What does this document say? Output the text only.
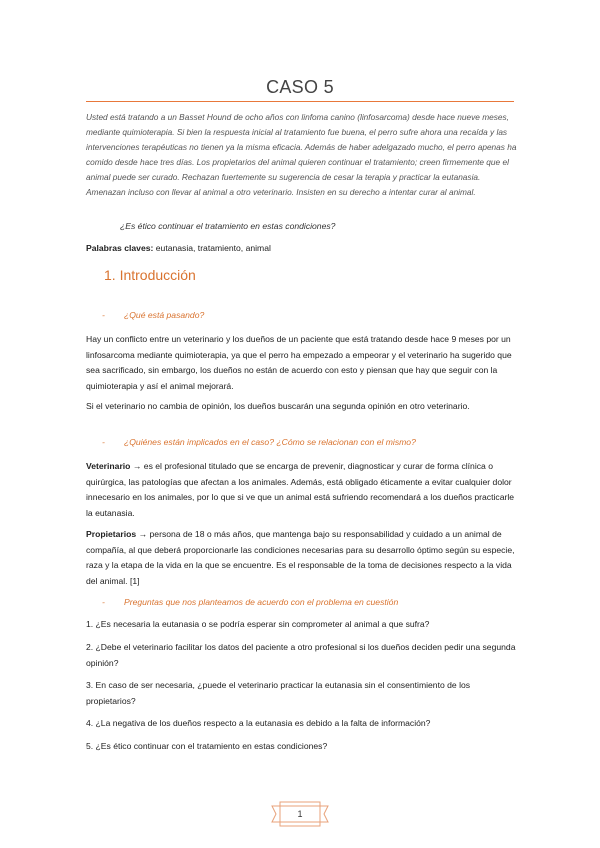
CASO 5
Usted está tratando a un Basset Hound de ocho años con linfoma canino (linfosarcoma) desde hace nueve meses, mediante quimioterapia. Si bien la respuesta inicial al tratamiento fue buena, el perro sufre ahora una recaída y las intervenciones terapéuticas no tienen ya la misma eficacia. Además de haber adelgazado mucho, el perro apenas ha comido desde hace tres días. Los propietarios del animal quieren continuar el tratamiento; creen firmemente que el animal puede ser curado. Rechazan fuertemente su sugerencia de cesar la terapia y practicar la eutanasia. Amenazan incluso con llevar al animal a otro veterinario. Insisten en su derecho a intentar curar al animal.
¿Es ético continuar el tratamiento en estas condiciones?
Palabras claves: eutanasia, tratamiento, animal
1. Introducción
- ¿Qué está pasando?
Hay un conflicto entre un veterinario y los dueños de un paciente que está tratando desde hace 9 meses por un linfosarcoma mediante quimioterapia, ya que el perro ha empezado a empeorar y el veterinario ha sugerido que sea sacrificado, sin embargo, los dueños no están de acuerdo con esto y piensan que hay que seguir con la quimioterapia y así el animal mejorará.
Si el veterinario no cambia de opinión, los dueños buscarán una segunda opinión en otro veterinario.
- ¿Quiénes están implicados en el caso? ¿Cómo se relacionan con el mismo?
Veterinario → es el profesional titulado que se encarga de prevenir, diagnosticar y curar de forma clínica o quirúrgica, las patologías que afectan a los animales. Además, está obligado éticamente a evitar cualquier dolor innecesario en los animales, por lo que si ve que un animal está sufriendo recomendará a los dueños practicarle la eutanasia.
Propietarios → persona de 18 o más años, que mantenga bajo su responsabilidad y cuidado a un animal de compañía, al que deberá proporcionarle las condiciones necesarias para su desarrollo óptimo según su especie, raza y la etapa de la vida en la que se encuentre. Es el responsable de la toma de decisiones respecto a la vida del animal. [1]
- Preguntas que nos planteamos de acuerdo con el problema en cuestión
1. ¿Es necesaria la eutanasia o se podría esperar sin comprometer al animal a que sufra?
2. ¿Debe el veterinario facilitar los datos del paciente a otro profesional si los dueños deciden pedir una segunda opinión?
3. En caso de ser necesaria, ¿puede el veterinario practicar la eutanasia sin el consentimiento de los propietarios?
4. ¿La negativa de los dueños respecto a la eutanasia es debido a la falta de información?
5. ¿Es ético continuar con el tratamiento en estas condiciones?
1
